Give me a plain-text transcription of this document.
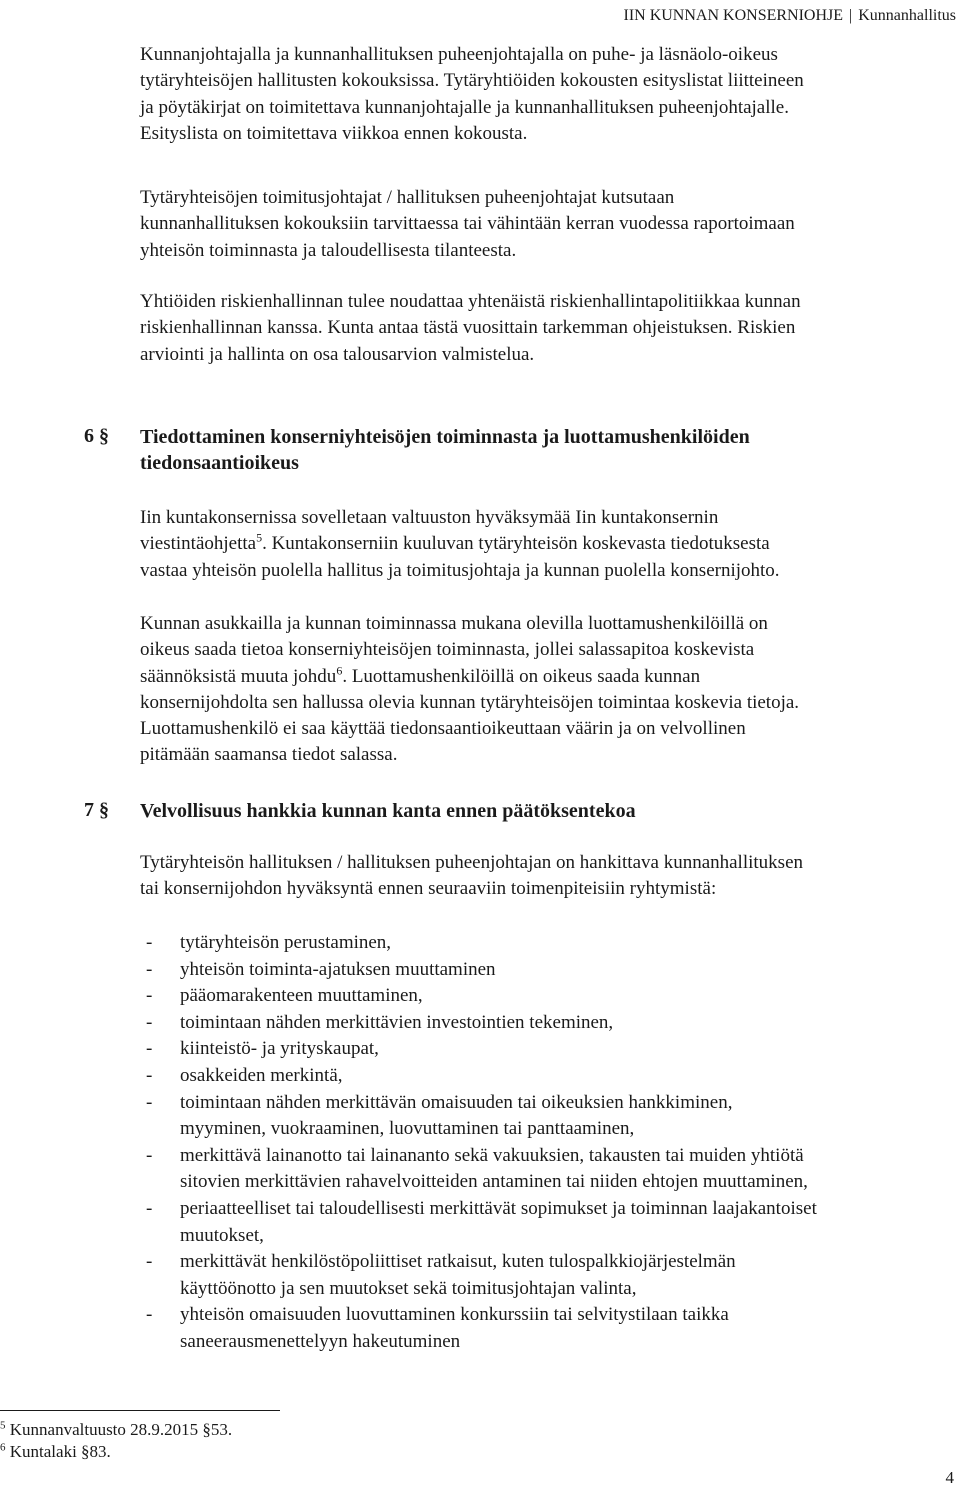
IIN KUNNAN KONSERNIOHJE | Kunnanhallitus
Kunnanjohtajalla ja kunnanhallituksen puheenjohtajalla on puhe- ja läsnäolo-oikeus
tytäryhteisöjen hallitusten kokouksissa. Tytäryhtiöiden kokousten esityslistat liitteineen
ja pöytäkirjat on toimitettava kunnanjohtajalle ja kunnanhallituksen puheenjohtajalle.
Esityslista on toimitettava viikkoa ennen kokousta.
Tytäryhteisöjen toimitusjohtajat / hallituksen puheenjohtajat kutsutaan
kunnanhallituksen kokouksiin tarvittaessa tai vähintään kerran vuodessa raportoimaan
yhteisön toiminnasta ja taloudellisesta tilanteesta.
Yhtiöiden riskienhallinnan tulee noudattaa yhtenäistä riskienhallintapolitiikkaa kunnan
riskienhallinnan kanssa. Kunta antaa tästä vuosittain tarkemman ohjeistuksen. Riskien
arviointi ja hallinta on osa talousarvion valmistelua.
6 § Tiedottaminen konserniyhteisöjen toiminnasta ja luottamushenkilöiden
tiedonsaantioikeus
Iin kuntakonsernissa sovelletaan valtuuston hyväksymää Iin kuntakonsernin
viestintäohjetta$^5$. Kuntakonserniin kuuluvan tytäryhteisön koskevasta tiedotuksesta
vastaa yhteisön puolella hallitus ja toimitusjohtaja ja kunnan puolella konsernijohto.
Kunnan asukkailla ja kunnan toiminnassa mukana olevilla luottamushenkilöillä on
oikeus saada tietoa konserniyhteisöjen toiminnasta, jollei salassapitoa koskevista
säännöksistä muuta johdu$^6$. Luottamushenkilöillä on oikeus saada kunnan
konsernijohdolta sen hallussa olevia kunnan tytäryhteisöjen toimintaa koskevia tietoja.
Luottamushenkilö ei saa käyttää tiedonsaantioikeuttaan väärin ja on velvollinen
pitämään saamansa tiedot salassa.
7 § Velvollisuus hankkia kunnan kanta ennen päätöksentekoa
Tytäryhteisön hallituksen / hallituksen puheenjohtajan on hankittava kunnanhallituksen
tai konsernijohdon hyväksyntä ennen seuraaviin toimenpiteisiin ryhtymistä:
- tytäryhteisön perustaminen,
- yhteisön toiminta-ajatuksen muuttaminen
- pääomarakenteen muuttaminen,
- toimintaan nähden merkittävien investointien tekeminen,
- kiinteistö- ja yrityskaupat,
- osakkeiden merkintä,
- toimintaan nähden merkittävän omaisuuden tai oikeuksien hankkiminen,
myyminen, vuokraaminen, luovuttaminen tai panttaaminen,
- merkittävä lainanotto tai lainananto sekä vakuuksien, takausten tai muiden yhtiötä
sitovien merkittävien rahavelvoitteiden antaminen tai niiden ehtojen muuttaminen,
- periaatteelliset tai taloudellisesti merkittävät sopimukset ja toiminnan laajakantoiset
muutokset,
- merkittävät henkilöstöpoliittiset ratkaisut, kuten tulospalkkiojärjestelmän
käyttöönotto ja sen muutokset sekä toimitusjohtajan valinta,
- yhteisön omaisuuden luovuttaminen konkurssiin tai selvitystilaan taikka
saneerausmenettelyyn hakeutuminen
$^5$ Kunnanvaltuusto 28.9.2015 §53.
$^6$ Kuntalaki §83.
4
